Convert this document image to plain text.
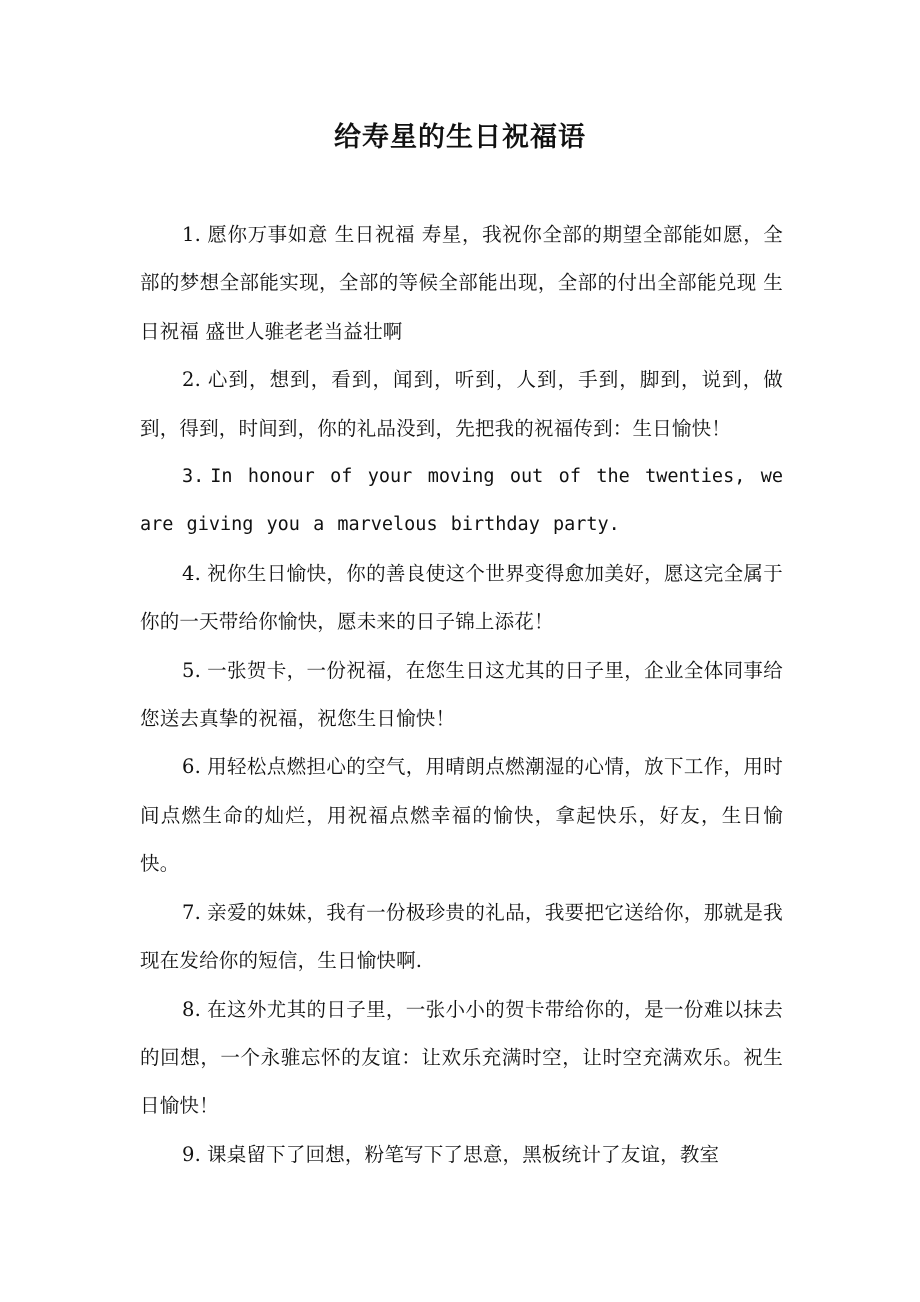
给寿星的生日祝福语

1. 愿你万事如意 生日祝福 寿星，我祝你全部的期望全部能如愿，全部的梦想全部能实现，全部的等候全部能出现，全部的付出全部能兑现 生日祝福 盛世人骓老老当益壮啊

2. 心到，想到，看到，闻到，听到，人到，手到，脚到，说到，做到，得到，时间到，你的礼品没到，先把我的祝福传到：生日愉快！

3. In honour of your moving out of the twenties, we are giving you a marvelous birthday party.

4. 祝你生日愉快，你的善良使这个世界变得愈加美好，愿这完全属于你的一天带给你愉快，愿未来的日子锦上添花！

5. 一张贺卡，一份祝福，在您生日这尤其的日子里，企业全体同事给您送去真挚的祝福，祝您生日愉快！

6. 用轻松点燃担心的空气，用晴朗点燃潮湿的心情，放下工作，用时间点燃生命的灿烂，用祝福点燃幸福的愉快，拿起快乐，好友，生日愉快。

7. 亲爱的妹妹，我有一份极珍贵的礼品，我要把它送给你，那就是我现在发给你的短信，生日愉快啊.

8. 在这外尤其的日子里，一张小小的贺卡带给你的，是一份难以抹去的回想，一个永骓忘怀的友谊：让欢乐充满时空，让时空充满欢乐。祝生日愉快！

9. 课桌留下了回想，粉笔写下了思意，黑板统计了友谊，教室
